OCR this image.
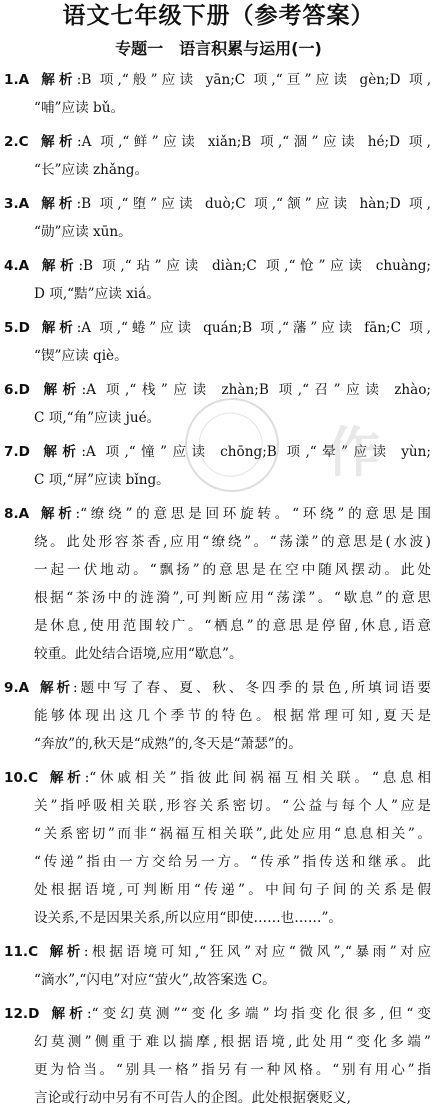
语文七年级下册（参考答案）
专题一　语言积累与运用(一)
1.A 解析:B 项,“般”应读 yān;C 项,“亘”应读 gèn;D 项,
“哺”应读 bǔ。
2.C 解析:A 项,“鲜”应读 xiǎn;B 项,“涸”应读 hé;D 项,
“长”应读 zhǎng。
3.A 解析:B 项,“堕”应读 duò;C 项,“颔”应读 hàn;D 项,
“勋”应读 xūn。
4.A 解析:B 项,“玷”应读 diàn;C 项,“怆”应读 chuàng;
D 项,“黠”应读 xiá。
5.D 解析:A 项,“蜷”应读 quán;B 项,“藩”应读 fān;C 项,
“锲”应读 qiè。
6.D 解析:A 项,“栈”应读 zhàn;B 项,“召”应读 zhào;
C 项,“角”应读 jué。
7.D 解析:A 项,“憧”应读 chōng;B 项,“晕”应读 yùn;
C 项,“屏”应读 bǐng。
8.A 解析:“缭绕”的意思是回环旋转。“环绕”的意思是围
绕。此处形容茶香,应用“缭绕”。“荡漾”的意思是(水波)
一起一伏地动。“飘扬”的意思是在空中随风摆动。此处
根据“茶汤中的涟漪”,可判断应用“荡漾”。“歇息”的意思
是休息,使用范围较广。“栖息”的意思是停留,休息,语意
较重。此处结合语境,应用“歇息”。
9.A 解析:题中写了春、夏、秋、冬四季的景色,所填词语要
能够体现出这几个季节的特色。根据常理可知,夏天是
“奔放”的,秋天是“成熟”的,冬天是“萧瑟”的。
10.C 解析:“休戚相关”指彼此间祸福互相关联。“息息相
关”指呼吸相关联,形容关系密切。“公益与每个人”应是
“关系密切”而非“祸福互相关联”,此处应用“息息相关”。
“传递”指由一方交给另一方。“传承”指传送和继承。此
处根据语境,可判断用“传递”。中间句子间的关系是假
设关系,不是因果关系,所以应用“即使……也……”。
11.C 解析:根据语境可知,“狂风”对应“微风”,“暴雨”对应
“滴水”,“闪电”对应“萤火”,故答案选 C。
12.D 解析:“变幻莫测”“变化多端”均指变化很多,但“变
幻莫测”侧重于难以揣摩,根据语境,此处用“变化多端”
更为恰当。“别具一格”指另有一种风格。“别有用心”指
言论或行动中另有不可告人的企图。此处根据褒贬义,
作
